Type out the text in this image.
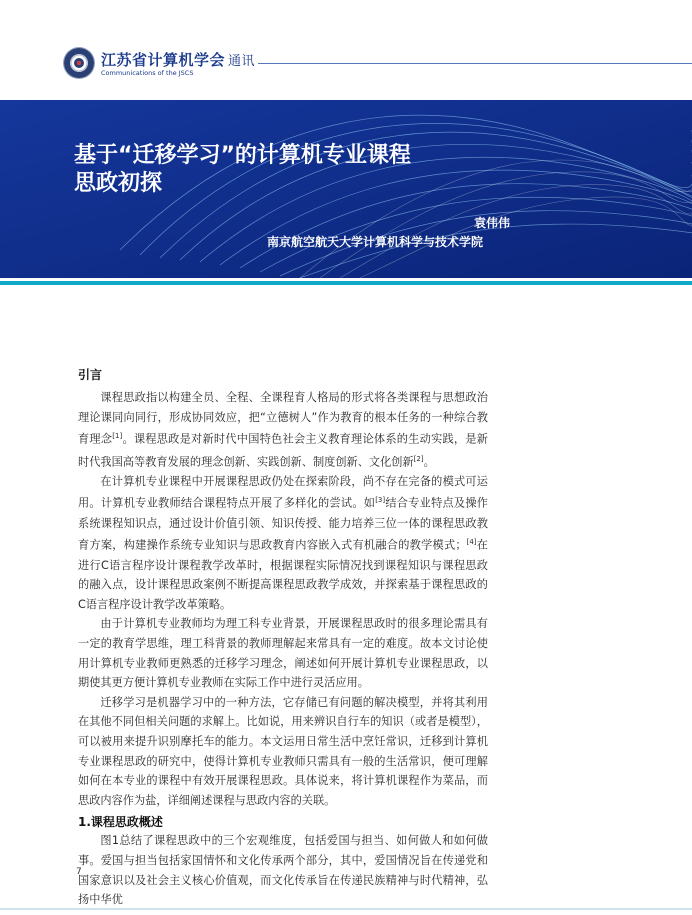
江苏省计算机学会 通讯
Communications of the JSCS
基于“迁移学习”的计算机专业课程思政初探
袁伟伟
南京航空航天大学计算机科学与技术学院

引言

课程思政指以构建全员、全程、全课程育人格局的形式将各类课程与思想政治理论课同向同行，形成协同效应，把“立德树人”作为教育的根本任务的一种综合教育理念[1]。课程思政是对新时代中国特色社会主义教育理论体系的生动实践，是新时代我国高等教育发展的理念创新、实践创新、制度创新、文化创新[2]。

在计算机专业课程中开展课程思政仍处在探索阶段，尚不存在完备的模式可运用。计算机专业教师结合课程特点开展了多样化的尝试。如[3]结合专业特点及操作系统课程知识点，通过设计价值引领、知识传授、能力培养三位一体的课程思政教育方案，构建操作系统专业知识与思政教育内容嵌入式有机融合的教学模式；[4]在进行C语言程序设计课程教学改革时，根据课程实际情况找到课程知识与课程思政的融入点，设计课程思政案例不断提高课程思政教学成效，并探索基于课程思政的C语言程序设计教学改革策略。

由于计算机专业教师均为理工科专业背景，开展课程思政时的很多理论需具有一定的教育学思维，理工科背景的教师理解起来常具有一定的难度。故本文讨论使用计算机专业教师更熟悉的迁移学习理念，阐述如何开展计算机专业课程思政，以期使其更方便计算机专业教师在实际工作中进行灵活应用。

迁移学习是机器学习中的一种方法，它存储已有问题的解决模型，并将其利用在其他不同但相关问题的求解上。比如说，用来辨识自行车的知识（或者是模型），可以被用来提升识别摩托车的能力。本文运用日常生活中烹饪常识，迁移到计算机专业课程思政的研究中，使得计算机专业教师只需具有一般的生活常识，便可理解如何在本专业的课程中有效开展课程思政。具体说来，将计算机课程作为菜品，而思政内容作为盐，详细阐述课程与思政内容的关联。

1.课程思政概述

图1总结了课程思政中的三个宏观维度，包括爱国与担当、如何做人和如何做事。爱国与担当包括家国情怀和文化传承两个部分，其中，爱国情况旨在传递党和国家意识以及社会主义核心价值观，而文化传承旨在传递民族精神与时代精神，弘扬中华优

7
